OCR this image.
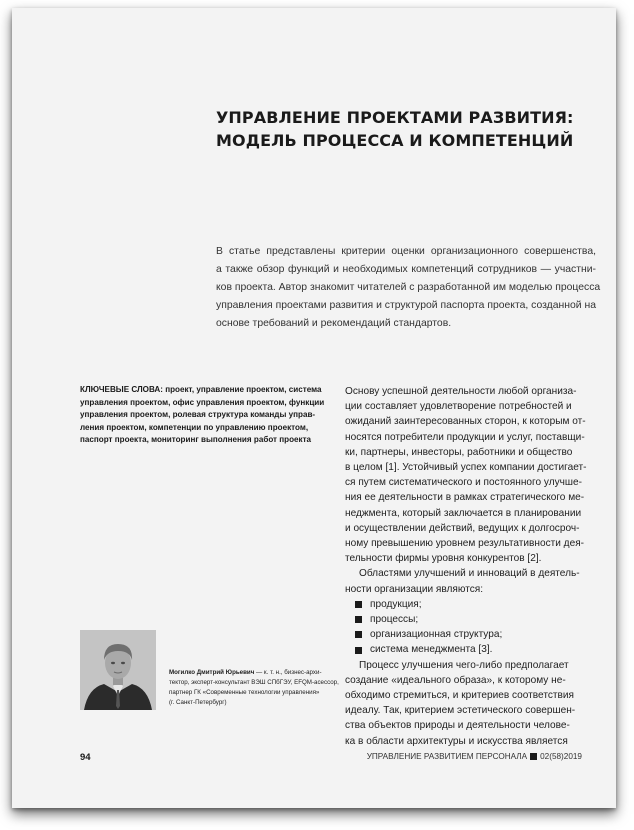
УПРАВЛЕНИЕ ПРОЕКТАМИ РАЗВИТИЯ:
МОДЕЛЬ ПРОЦЕССА И КОМПЕТЕНЦИЙ
В статье представлены критерии оценки организационного совершенства,
а также обзор функций и необходимых компетенций сотрудников — участни-
ков проекта. Автор знакомит читателей с разработанной им моделью процесса
управления проектами развития и структурой паспорта проекта, созданной на
основе требований и рекомендаций стандартов.
КЛЮЧЕВЫЕ СЛОВА: проект, управление проектом, система
управления проектом, офис управления проектом, функции
управления проектом, ролевая структура команды управ-
ления проектом, компетенции по управлению проектом,
паспорт проекта, мониторинг выполнения работ проекта
Основу успешной деятельности любой организа-
ции составляет удовлетворение потребностей и
ожиданий заинтересованных сторон, к которым от-
носятся потребители продукции и услуг, поставщи-
ки, партнеры, инвесторы, работники и общество
в целом [1]. Устойчивый успех компании достигает-
ся путем систематического и постоянного улучше-
ния ее деятельности в рамках стратегического ме-
неджмента, который заключается в планировании
и осуществлении действий, ведущих к долгосроч-
ному превышению уровнем результативности дея-
тельности фирмы уровня конкурентов [2].
Областями улучшений и инноваций в деятель-
ности организации являются:
продукция;
процессы;
организационная структура;
система менеджмента [3].
Процесс улучшения чего-либо предполагает
создание «идеального образа», к которому не-
обходимо стремиться, и критериев соответствия
идеалу. Так, критерием эстетического совершен-
ства объектов природы и деятельности челове-
ка в области архитектуры и искусства является
Могилко Дмитрий Юрьевич — к. т. н., бизнес-архи-
тектор, эксперт-консультант ВЭШ СПбГЭУ, EFQM-асессор,
партнер ГК «Современные технологии управления»
(г. Санкт-Петербург)
94	УПРАВЛЕНИЕ РАЗВИТИЕМ ПЕРСОНАЛА 02(58)2019
